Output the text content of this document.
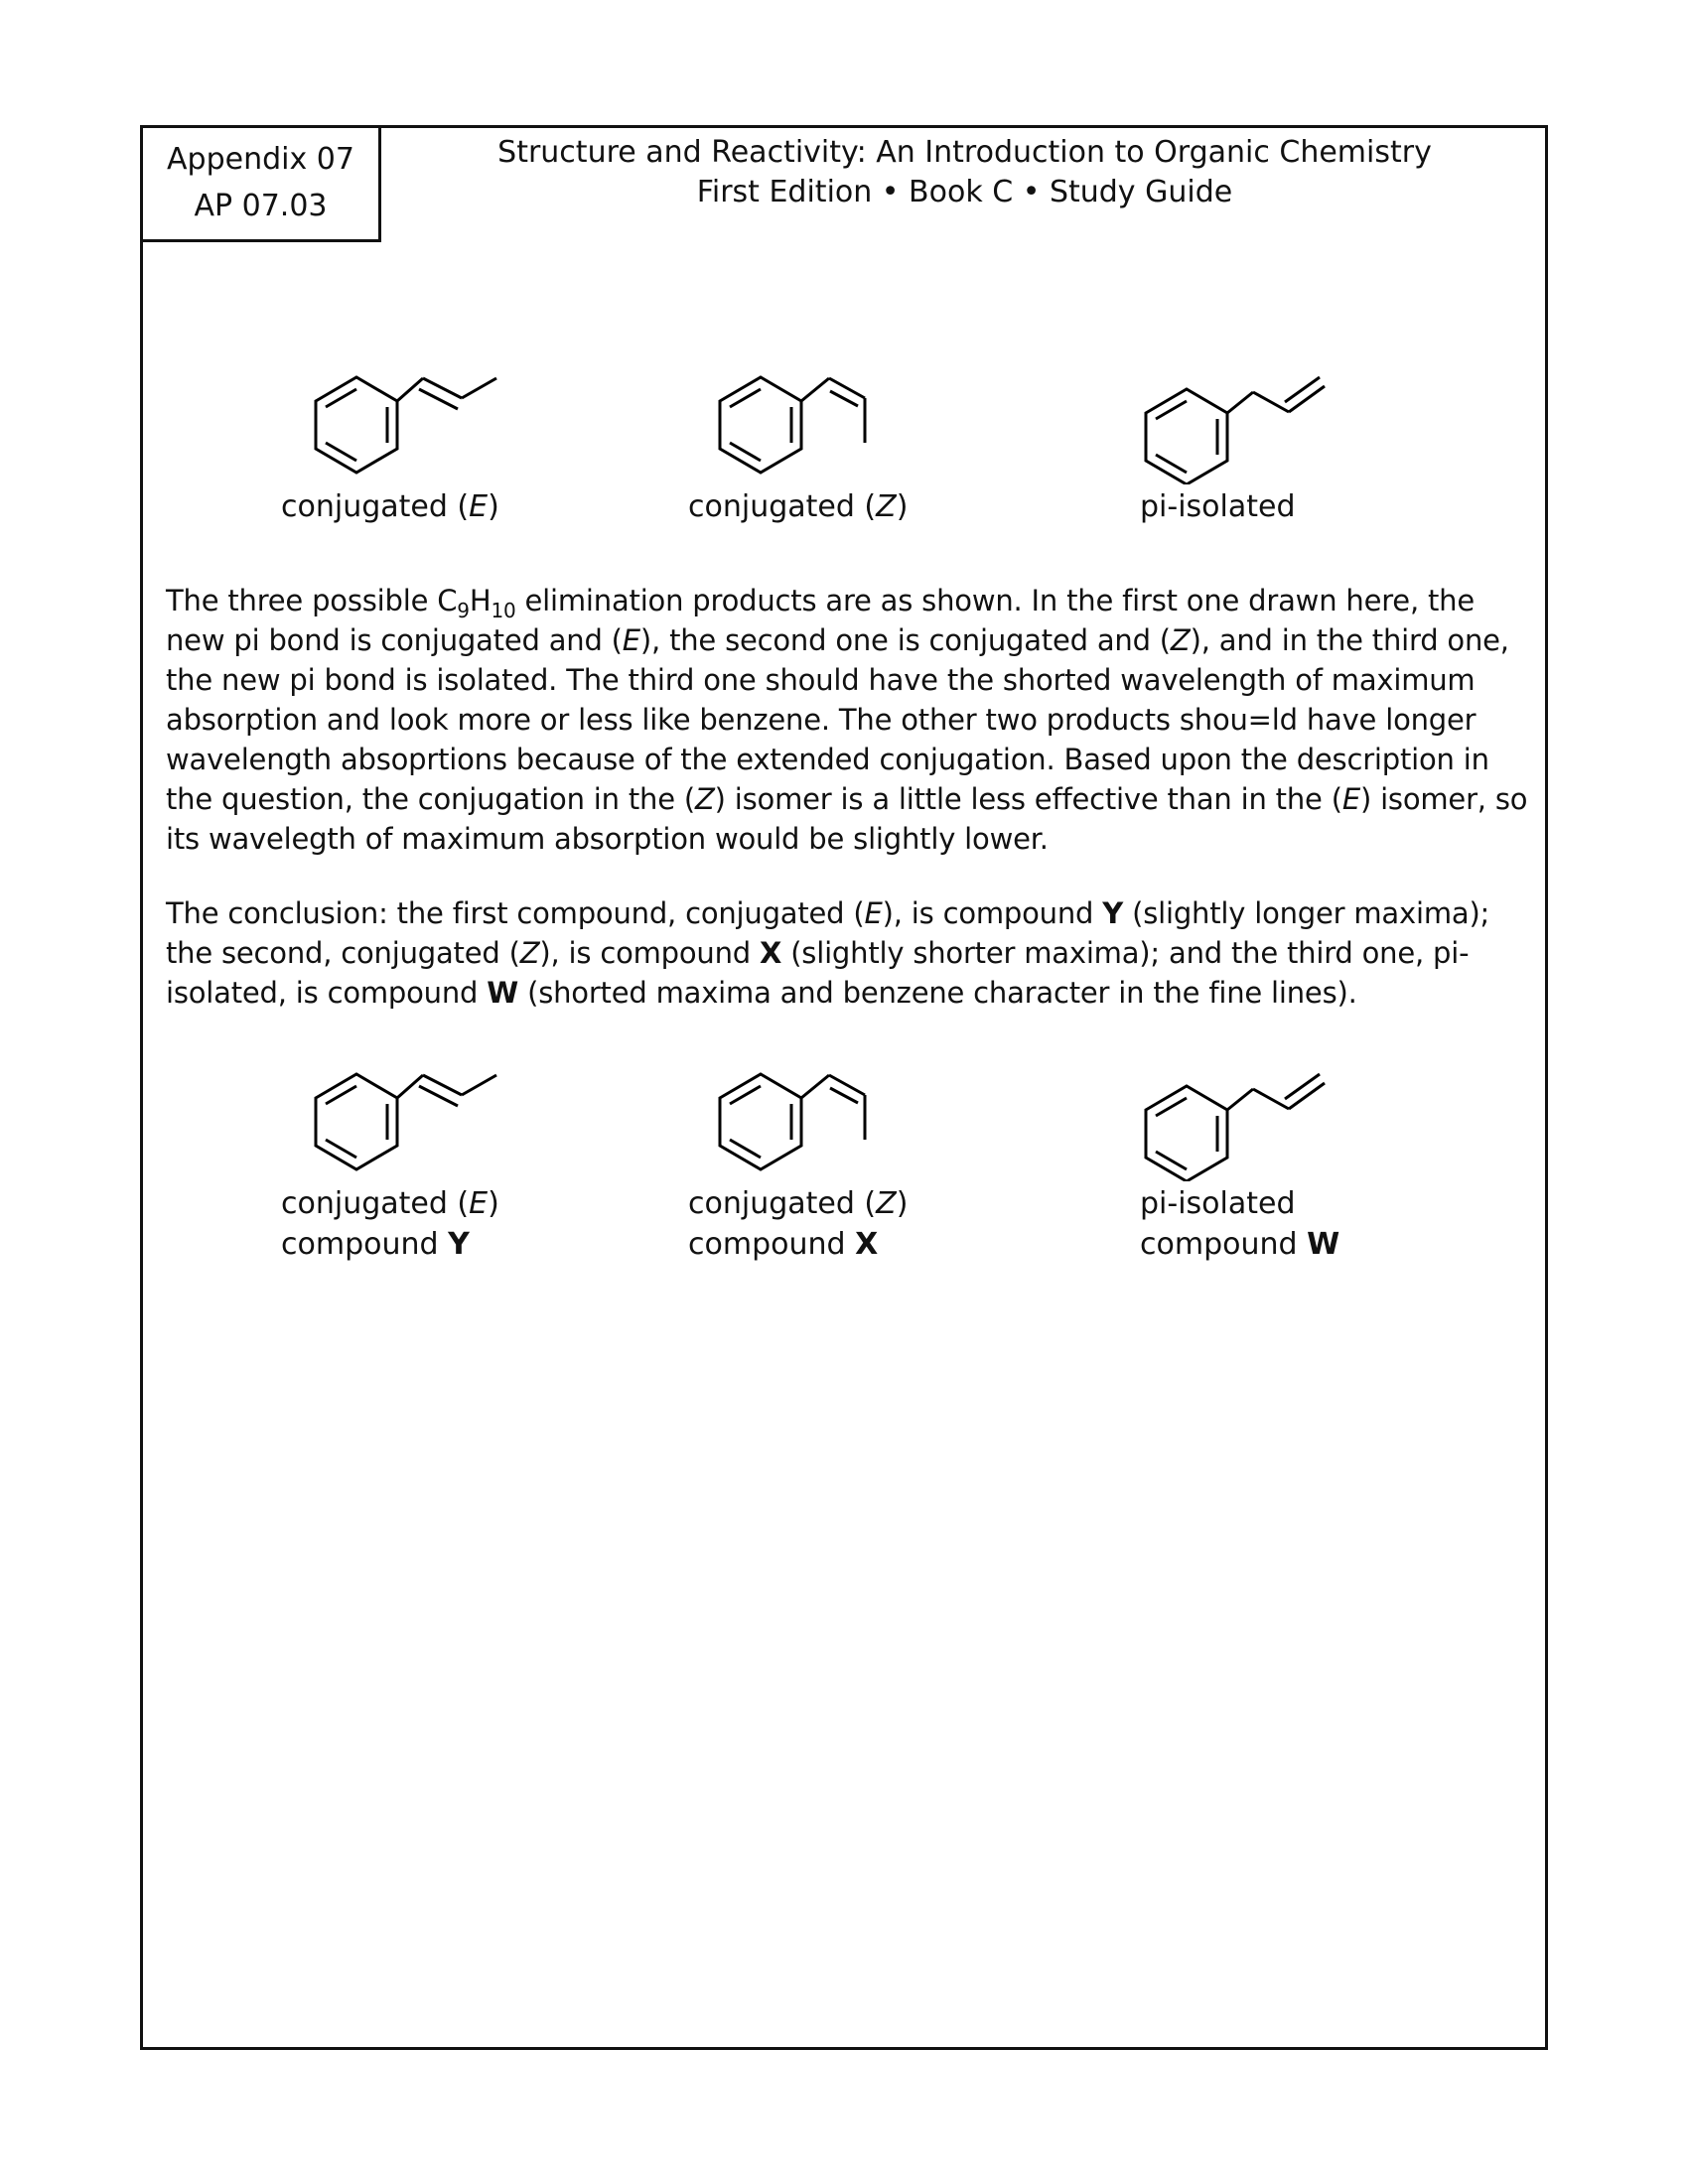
Appendix 07
AP 07.03
Structure and Reactivity: An Introduction to Organic Chemistry
First Edition • Book C • Study Guide
conjugated (E)	conjugated (Z)	pi-isolated

The three possible $C_9H_{10}$ elimination products are as shown. In the first one drawn here, the new pi bond is conjugated and (E), the second one is conjugated and (Z), and in the third one, the new pi bond is isolated. The third one should have the shorted wavelength of maximum absorption and look more or less like benzene. The other two products shou=ld have longer wavelength absoprtions because of the extended conjugation. Based upon the description in the question, the conjugation in the (Z) isomer is a little less effective than in the (E) isomer, so its wavelegth of maximum absorption would be slightly lower.

The conclusion: the first compound, conjugated (E), is compound Y (slightly longer maxima); the second, conjugated (Z), is compound X (slightly shorter maxima); and the third one, pi-isolated, is compound W (shorted maxima and benzene character in the fine lines).

conjugated (E)
compound Y
conjugated (Z)
compound X
pi-isolated
compound W
